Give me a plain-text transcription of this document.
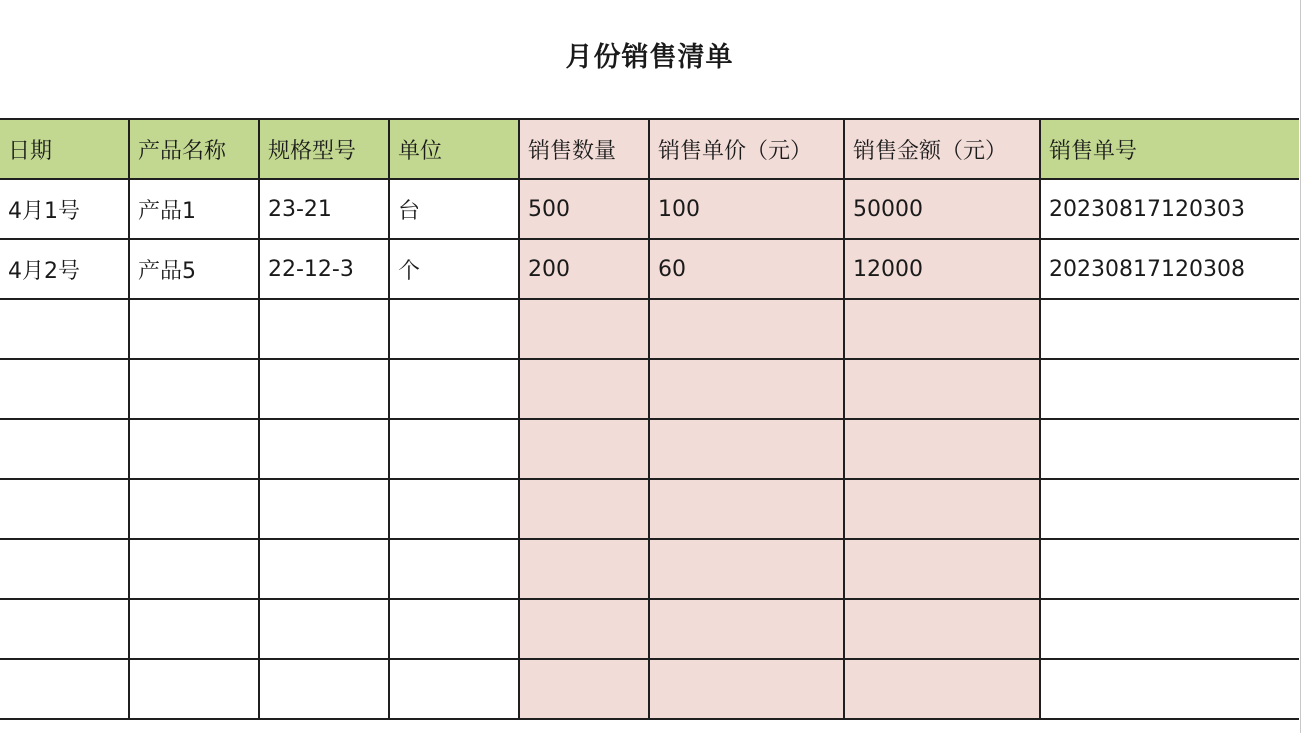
月份销售清单
日期	产品名称	规格型号	单位	销售数量	销售单价（元）	销售金额（元）	销售单号
4月1号	产品1	23-21	台	500	100	50000	20230817120303
4月2号	产品5	22-12-3	个	200	60	12000	20230817120308
